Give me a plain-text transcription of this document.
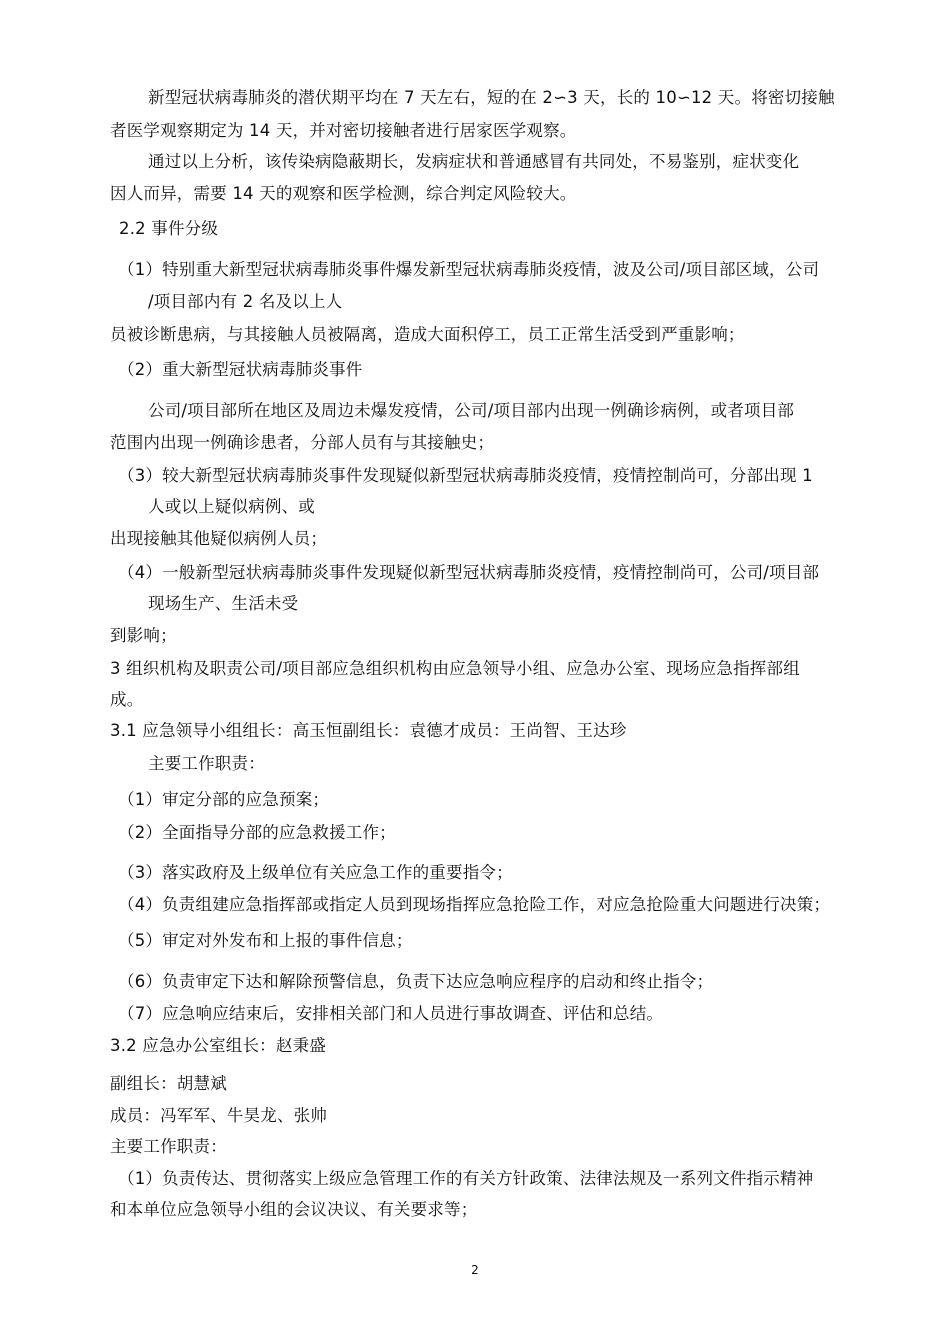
新型冠状病毒肺炎的潜伏期平均在 7 天左右，短的在 2∽3 天，长的 10∽12 天。将密切接触

者医学观察期定为 14 天，并对密切接触者进行居家医学观察。

通过以上分析，该传染病隐蔽期长，发病症状和普通感冒有共同处，不易鉴别，症状变化

因人而异，需要 14 天的观察和医学检测，综合判定风险较大。

2.2 事件分级

（1）特别重大新型冠状病毒肺炎事件爆发新型冠状病毒肺炎疫情，波及公司/项目部区域，公司

/项目部内有 2 名及以上人

员被诊断患病，与其接触人员被隔离，造成大面积停工，员工正常生活受到严重影响；

（2）重大新型冠状病毒肺炎事件

公司/项目部所在地区及周边未爆发疫情，公司/项目部内出现一例确诊病例，或者项目部

范围内出现一例确诊患者，分部人员有与其接触史；

（3）较大新型冠状病毒肺炎事件发现疑似新型冠状病毒肺炎疫情，疫情控制尚可，分部出现 1

人或以上疑似病例、或

出现接触其他疑似病例人员；

（4）一般新型冠状病毒肺炎事件发现疑似新型冠状病毒肺炎疫情，疫情控制尚可，公司/项目部

现场生产、生活未受

到影响；

3 组织机构及职责公司/项目部应急组织机构由应急领导小组、应急办公室、现场应急指挥部组

成。

3.1 应急领导小组组长：高玉恒副组长：袁德才成员：王尚智、王达珍

主要工作职责：

（1）审定分部的应急预案；

（2）全面指导分部的应急救援工作；

（3）落实政府及上级单位有关应急工作的重要指令；

（4）负责组建应急指挥部或指定人员到现场指挥应急抢险工作，对应急抢险重大问题进行决策；

（5）审定对外发布和上报的事件信息；

（6）负责审定下达和解除预警信息，负责下达应急响应程序的启动和终止指令；

（7）应急响应结束后，安排相关部门和人员进行事故调查、评估和总结。

3.2 应急办公室组长：赵秉盛

副组长：胡慧斌

成员：冯军军、牛昊龙、张帅

主要工作职责：

（1）负责传达、贯彻落实上级应急管理工作的有关方针政策、法律法规及一系列文件指示精神

和本单位应急领导小组的会议决议、有关要求等；

2
